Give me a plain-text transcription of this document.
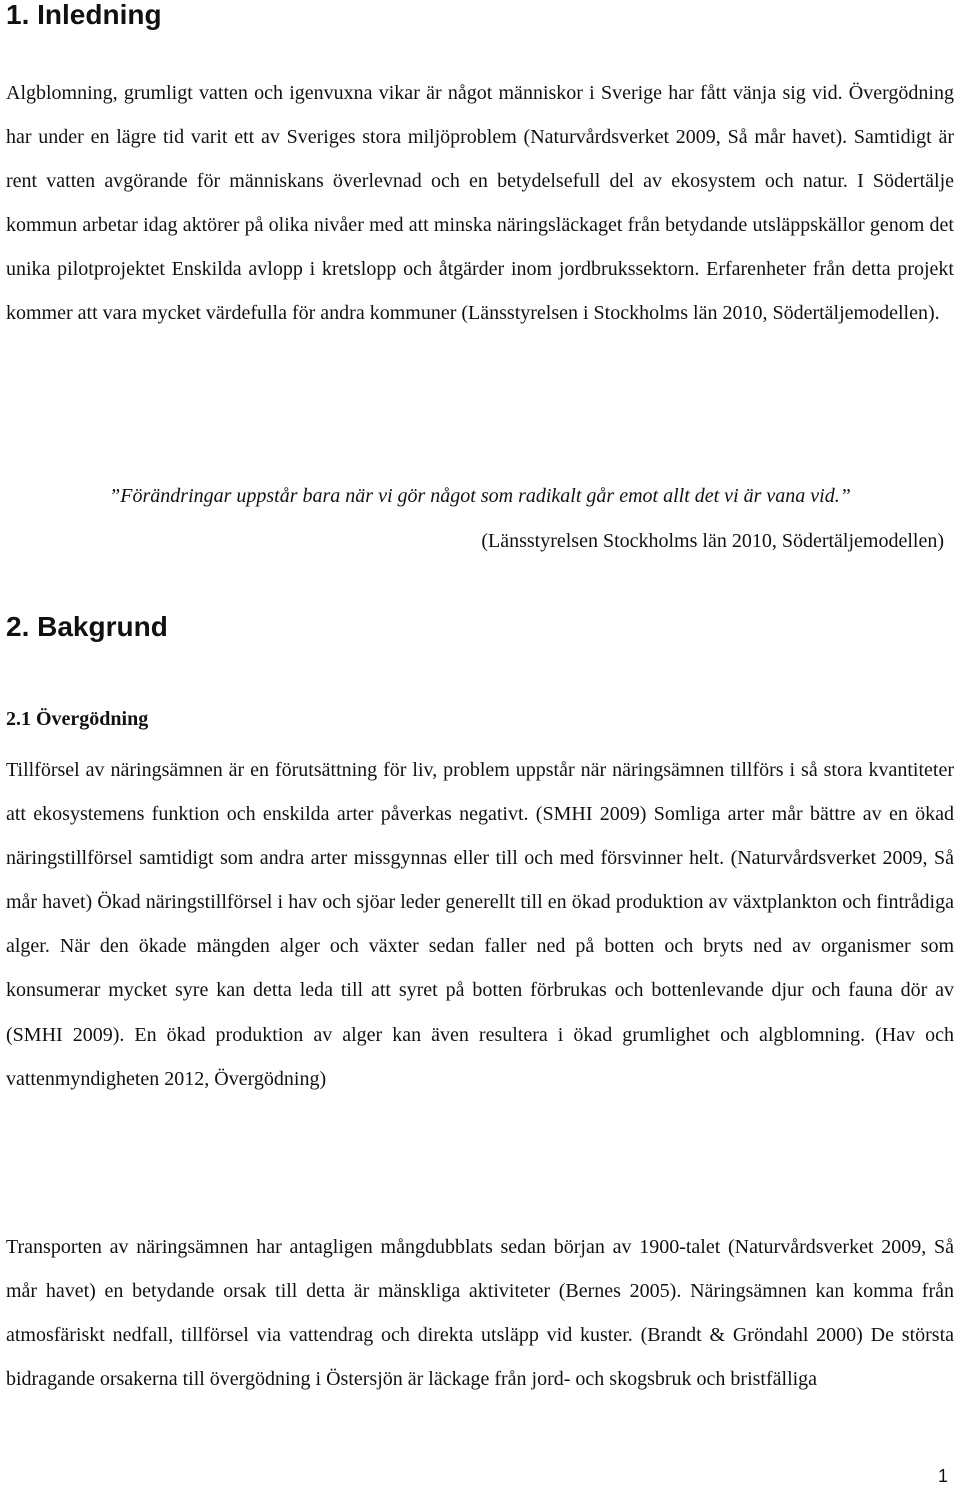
1. Inledning

Algblomning, grumligt vatten och igenvuxna vikar är något människor i Sverige har fått vänja sig vid. Övergödning har under en lägre tid varit ett av Sveriges stora miljöproblem (Naturvårdsverket 2009, Så mår havet). Samtidigt är rent vatten avgörande för människans överlevnad och en betydelsefull del av ekosystem och natur. I Södertälje kommun arbetar idag aktörer på olika nivåer med att minska näringsläckaget från betydande utsläppskällor genom det unika pilotprojektet Enskilda avlopp i kretslopp och åtgärder inom jordbrukssektorn. Erfarenheter från detta projekt kommer att vara mycket värdefulla för andra kommuner (Länsstyrelsen i Stockholms län 2010, Södertäljemodellen).

”Förändringar uppstår bara när vi gör något som radikalt går emot allt det vi är vana vid.”
(Länsstyrelsen Stockholms län 2010, Södertäljemodellen)
2. Bakgrund
2.1 Övergödning

Tillförsel av näringsämnen är en förutsättning för liv, problem uppstår när näringsämnen tillförs i så stora kvantiteter att ekosystemens funktion och enskilda arter påverkas negativt. (SMHI 2009) Somliga arter mår bättre av en ökad näringstillförsel samtidigt som andra arter missgynnas eller till och med försvinner helt. (Naturvårdsverket 2009, Så mår havet) Ökad näringstillförsel i hav och sjöar leder generellt till en ökad produktion av växtplankton och fintrådiga alger. När den ökade mängden alger och växter sedan faller ned på botten och bryts ned av organismer som konsumerar mycket syre kan detta leda till att syret på botten förbrukas och bottenlevande djur och fauna dör av (SMHI 2009). En ökad produktion av alger kan även resultera i ökad grumlighet och algblomning. (Hav och vattenmyndigheten 2012, Övergödning)

Transporten av näringsämnen har antagligen mångdubblats sedan början av 1900-talet (Naturvårdsverket 2009, Så mår havet) en betydande orsak till detta är mänskliga aktiviteter (Bernes 2005). Näringsämnen kan komma från atmosfäriskt nedfall, tillförsel via vattendrag och direkta utsläpp vid kuster. (Brandt & Gröndahl 2000) De största bidragande orsakerna till övergödning i Östersjön är läckage från jord- och skogsbruk och bristfälliga

1
